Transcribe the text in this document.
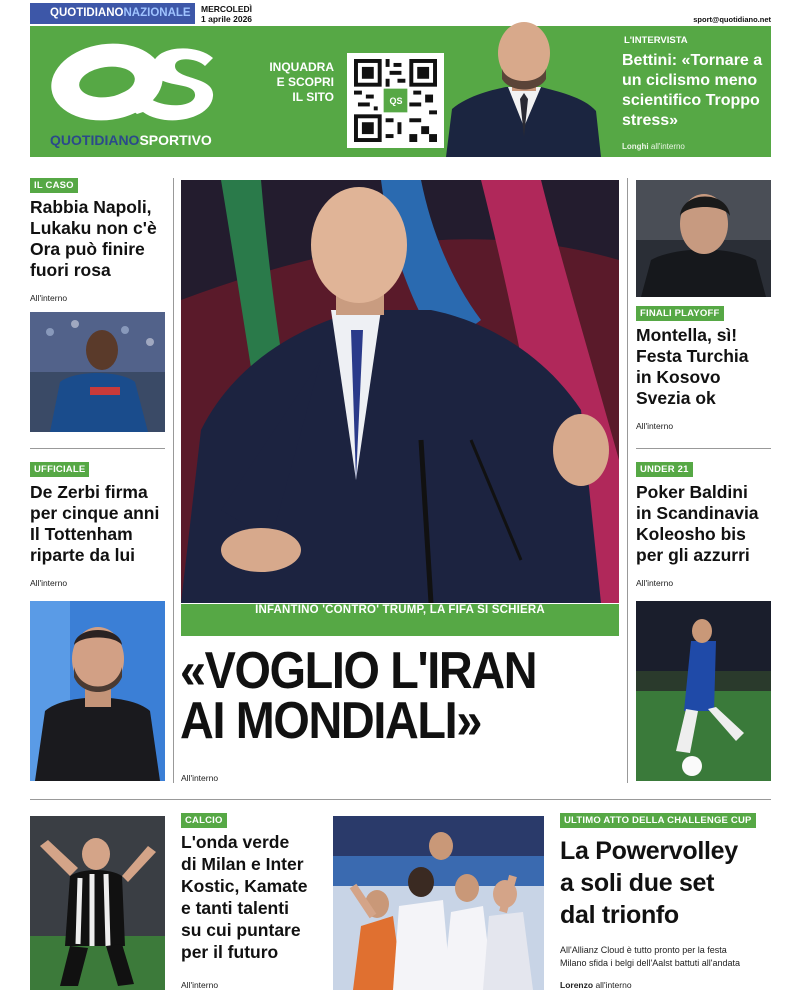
QUOTIDIANONAZIONALE	MERCOLEDÌ
1 aprile 2026	sport@quotidiano.net
QUOTIDIANOSPORTIVO
INQUADRA
E SCOPRI
IL SITO	QS
L'INTERVISTA
Bettini: «Tornare a un ciclismo meno scientifico Troppo stress»
Longhi all'interno
IL CASO
Rabbia Napoli,
Lukaku non c'è
Ora può finire
fuori rosa
All'interno
UFFICIALE
De Zerbi firma
per cinque anni
Il Tottenham
riparte da lui
All'interno
INFANTINO 'CONTRO' TRUMP, LA FIFA SI SCHIERA
«VOGLIO L'IRAN
AI MONDIALI»
All'interno
FINALI PLAYOFF
Montella, sì!
Festa Turchia
in Kosovo
Svezia ok
All'interno
UNDER 21
Poker Baldini
in Scandinavia
Koleosho bis
per gli azzurri
All'interno
CALCIO
L'onda verde
di Milan e Inter
Kostic, Kamate
e tanti talenti
su cui puntare
per il futuro
All'interno
ULTIMO ATTO DELLA CHALLENGE CUP
La Powervolley
a soli due set
dal trionfo
All'Allianz Cloud è tutto pronto per la festa
Milano sfida i belgi dell'Aalst battuti all'andata
Lorenzo all'interno
